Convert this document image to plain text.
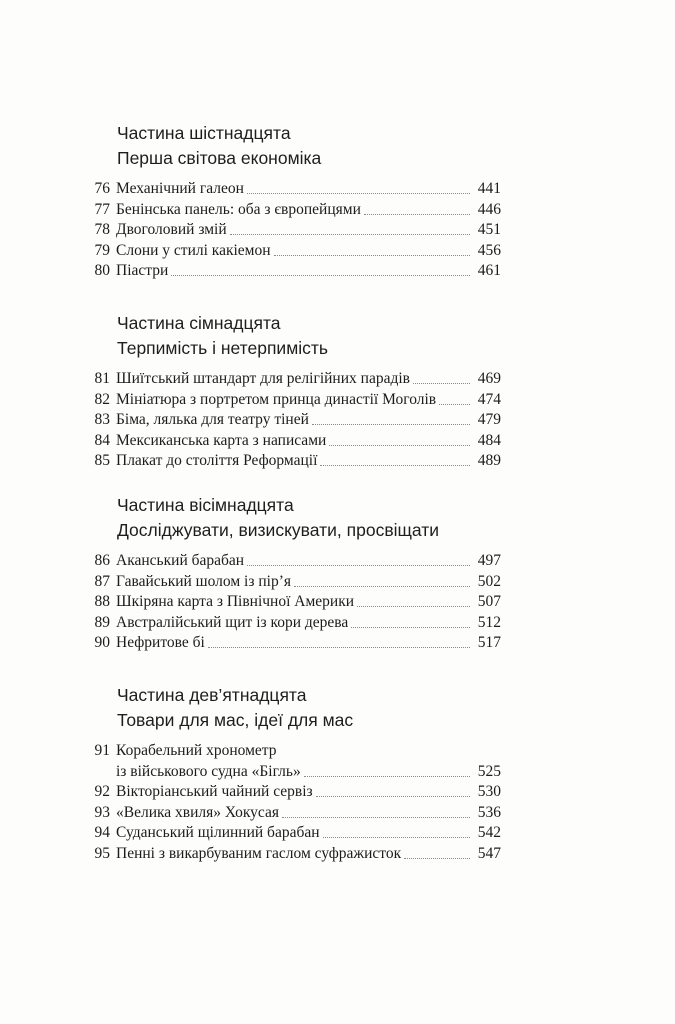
Частина шістнадцята
Перша світова економіка
76 Механічний галеон	441
77 Бенінська панель: оба з європейцями	446
78 Двоголовий змій	451
79 Слони у стилі какіемон	456
80 Піастри	461
Частина сімнадцята
Терпимість і нетерпимість
81 Шиїтський штандарт для релігійних парадів	469
82 Мініатюра з портретом принца династії Моголів	474
83 Біма, лялька для театру тіней	479
84 Мексиканська карта з написами	484
85 Плакат до століття Реформації	489
Частина вісімнадцята
Досліджувати, визискувати, просвіщати
86 Аканський барабан	497
87 Гавайський шолом із пір’я	502
88 Шкіряна карта з Північної Америки	507
89 Австралійський щит із кори дерева	512
90 Нефритове бі	517
Частина дев’ятнадцята
Товари для мас, ідеї для мас
91 Корабельний хронометр
із військового судна «Бігль»	525
92 Вікторіанський чайний сервіз	530
93 «Велика хвиля» Хокусая	536
94 Суданський щілинний барабан	542
95 Пенні з викарбуваним гаслом суфражисток	547
